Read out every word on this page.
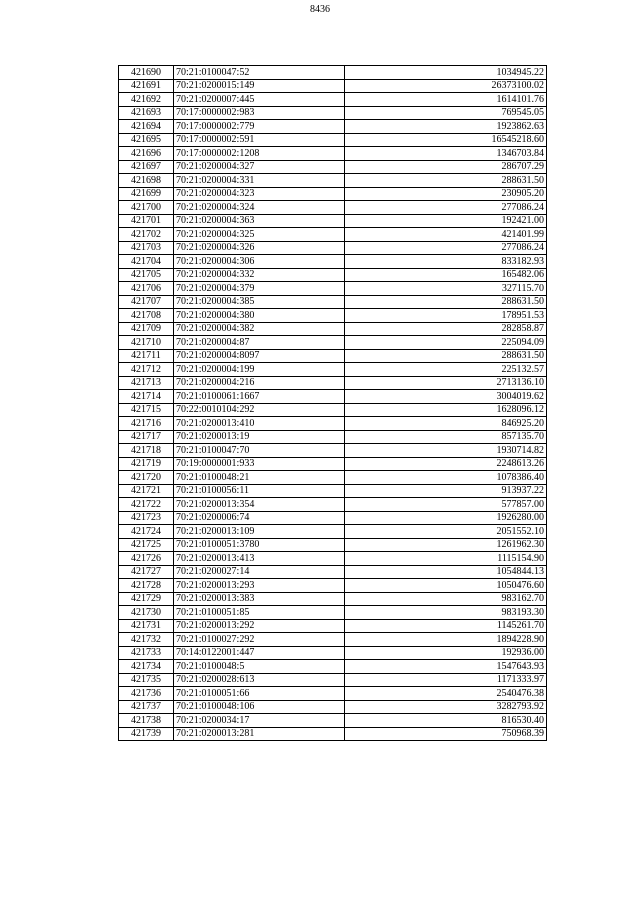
8436
421690	70:21:0100047:52	1034945.22
421691	70:21:0200015:149	26373100.02
421692	70:21:0200007:445	1614101.76
421693	70:17:0000002:983	769545.05
421694	70:17:0000002:779	1923862.63
421695	70:17:0000002:591	16545218.60
421696	70:17:0000002:1208	1346703.84
421697	70:21:0200004:327	286707.29
421698	70:21:0200004:331	288631.50
421699	70:21:0200004:323	230905.20
421700	70:21:0200004:324	277086.24
421701	70:21:0200004:363	192421.00
421702	70:21:0200004:325	421401.99
421703	70:21:0200004:326	277086.24
421704	70:21:0200004:306	833182.93
421705	70:21:0200004:332	165482.06
421706	70:21:0200004:379	327115.70
421707	70:21:0200004:385	288631.50
421708	70:21:0200004:380	178951.53
421709	70:21:0200004:382	282858.87
421710	70:21:0200004:87	225094.09
421711	70:21:0200004:8097	288631.50
421712	70:21:0200004:199	225132.57
421713	70:21:0200004:216	2713136.10
421714	70:21:0100061:1667	3004019.62
421715	70:22:0010104:292	1628096.12
421716	70:21:0200013:410	846925.20
421717	70:21:0200013:19	857135.70
421718	70:21:0100047:70	1930714.82
421719	70:19:0000001:933	2248613.26
421720	70:21:0100048:21	1078386.40
421721	70:21:0100056:11	913937.22
421722	70:21:0200013:354	577857.00
421723	70:21:0200006:74	1926280.00
421724	70:21:0200013:109	2051552.10
421725	70:21:0100051:3780	1261962.30
421726	70:21:0200013:413	1115154.90
421727	70:21:0200027:14	1054844.13
421728	70:21:0200013:293	1050476.60
421729	70:21:0200013:383	983162.70
421730	70:21:0100051:85	983193.30
421731	70:21:0200013:292	1145261.70
421732	70:21:0100027:292	1894228.90
421733	70:14:0122001:447	192936.00
421734	70:21:0100048:5	1547643.93
421735	70:21:0200028:613	1171333.97
421736	70:21:0100051:66	2540476.38
421737	70:21:0100048:106	3282793.92
421738	70:21:0200034:17	816530.40
421739	70:21:0200013:281	750968.39
